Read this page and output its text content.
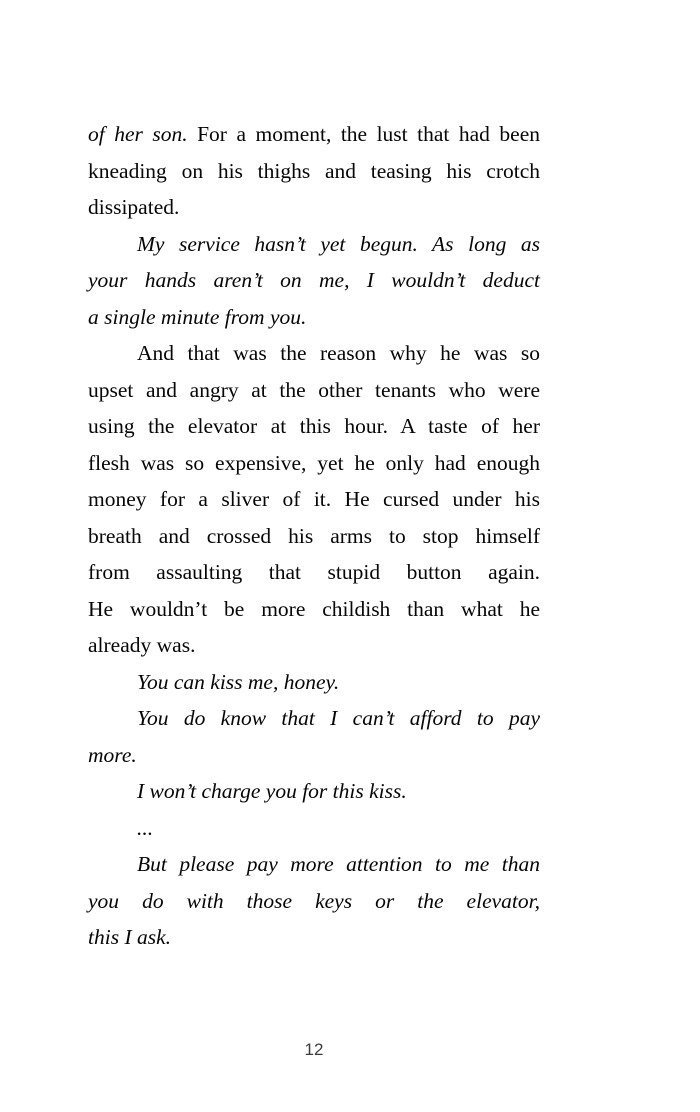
of her son. For a moment, the lust that had been
kneading on his thighs and teasing his crotch
dissipated.
My service hasn’t yet begun. As long as
your hands aren’t on me, I wouldn’t deduct
a single minute from you.
And that was the reason why he was so
upset and angry at the other tenants who were
using the elevator at this hour. A taste of her
flesh was so expensive, yet he only had enough
money for a sliver of it. He cursed under his
breath and crossed his arms to stop himself
from assaulting that stupid button again.
He wouldn’t be more childish than what he
already was.
You can kiss me, honey.
You do know that I can’t afford to pay
more.
I won’t charge you for this kiss.
...
But please pay more attention to me than
you do with those keys or the elevator,
this I ask.
12
